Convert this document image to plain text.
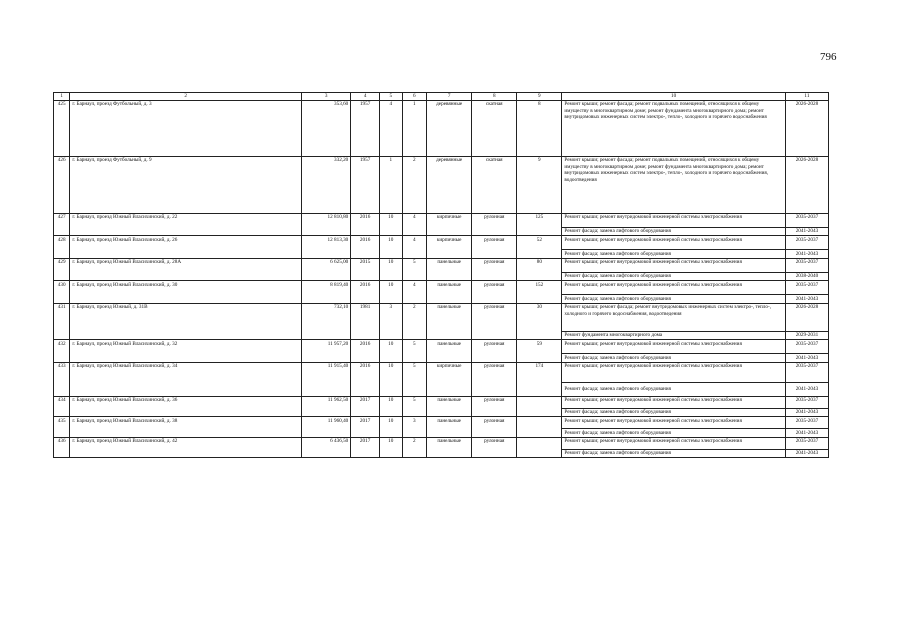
796
1	2	3	4	5	6	7	8	9	10	11
425	г. Барнаул, проезд Футбольный, д. 3	353,60	1957	4	1	деревянные	скатная	8	Ремонт крыши; ремонт фасада; ремонт подвальных помещений, относящихся к общему имуществу в многоквартирном доме; ремонт фундамента многоквартирного дома; ремонт внутридомовых инженерных систем электро-, тепло-, холодного и горячего водоснабжения	2026-2028
426	г. Барнаул, проезд Футбольный, д. 9	332,20	1957	1	2	деревянные	скатная	9	Ремонт крыши; ремонт фасада; ремонт подвальных помещений, относящихся к общему имуществу в многоквартирном доме; ремонт фундамента многоквартирного дома; ремонт внутридомовых инженерных систем электро-, тепло-, холодного и горячего водоснабжения, водоотведения	2026-2028
427	г. Барнаул, проезд Южный Власихинский, д. 22	12 810,80	2016	10	4	кирпичные	рулонная	125	Ремонт крыши; ремонт внутридомовой инженерной системы электроснабжения	2035-2037
									Ремонт фасада; замена лифтового оборудования	2041-2043
428	г. Барнаул, проезд Южный Власихинский, д. 26	12 813,30	2016	10	4	кирпичные	рулонная	52	Ремонт крыши; ремонт внутридомовой инженерной системы электроснабжения	2035-2037
									Ремонт фасада; замена лифтового оборудования	2041-2043
429	г. Барнаул, проезд Южный Власихинский, д. 28А	6 625,00	2015	10	5	панельные	рулонная	80	Ремонт крыши; ремонт внутридомовой инженерной системы электроснабжения	2035-2037
									Ремонт фасада; замена лифтового оборудования	2038-2040
430	г. Барнаул, проезд Южный Власихинский, д. 30	8 819,40	2016	10	4	панельные	рулонная	152	Ремонт крыши; ремонт внутридомовой инженерной системы электроснабжения	2035-2037
									Ремонт фасада; замена лифтового оборудования	2041-2043
431	г. Барнаул, проезд Южный, д. 31В	732,10	1981	3	2	панельные	рулонная	30	Ремонт крыши; ремонт фасада; ремонт внутридомовых инженерных систем электро-, тепло-, холодного и горячего водоснабжения, водоотведения	2026-2028
									Ремонт фундамента многоквартирного дома	2029-2031
432	г. Барнаул, проезд Южный Власихинский, д. 32	11 957,20	2016	10	5	панельные	рулонная	59	Ремонт крыши; ремонт внутридомовой инженерной системы электроснабжения	2035-2037
									Ремонт фасада; замена лифтового оборудования	2041-2043
433	г. Барнаул, проезд Южный Власихинский, д. 34	11 915,40	2016	10	5	кирпичные	рулонная	174	Ремонт крыши; ремонт внутридомовой инженерной системы электроснабжения	2035-2037
									Ремонт фасада; замена лифтового оборудования	2041-2043
434	г. Барнаул, проезд Южный Власихинский, д. 36	11 962,50	2017	10	5	панельные	рулонная		Ремонт крыши; ремонт внутридомовой инженерной системы электроснабжения	2035-2037
									Ремонт фасада; замена лифтового оборудования	2041-2043
435	г. Барнаул, проезд Южный Власихинский, д. 38	11 960,40	2017	10	3	панельные	рулонная		Ремонт крыши; ремонт внутридомовой инженерной системы электроснабжения	2035-2037
									Ремонт фасада; замена лифтового оборудования	2041-2043
436	г. Барнаул, проезд Южный Власихинский, д. 42	6 436,50	2017	10	2	панельные	рулонная		Ремонт крыши; ремонт внутридомовой инженерной системы электроснабжения	2035-2037
									Ремонт фасада; замена лифтового оборудования	2041-2043
